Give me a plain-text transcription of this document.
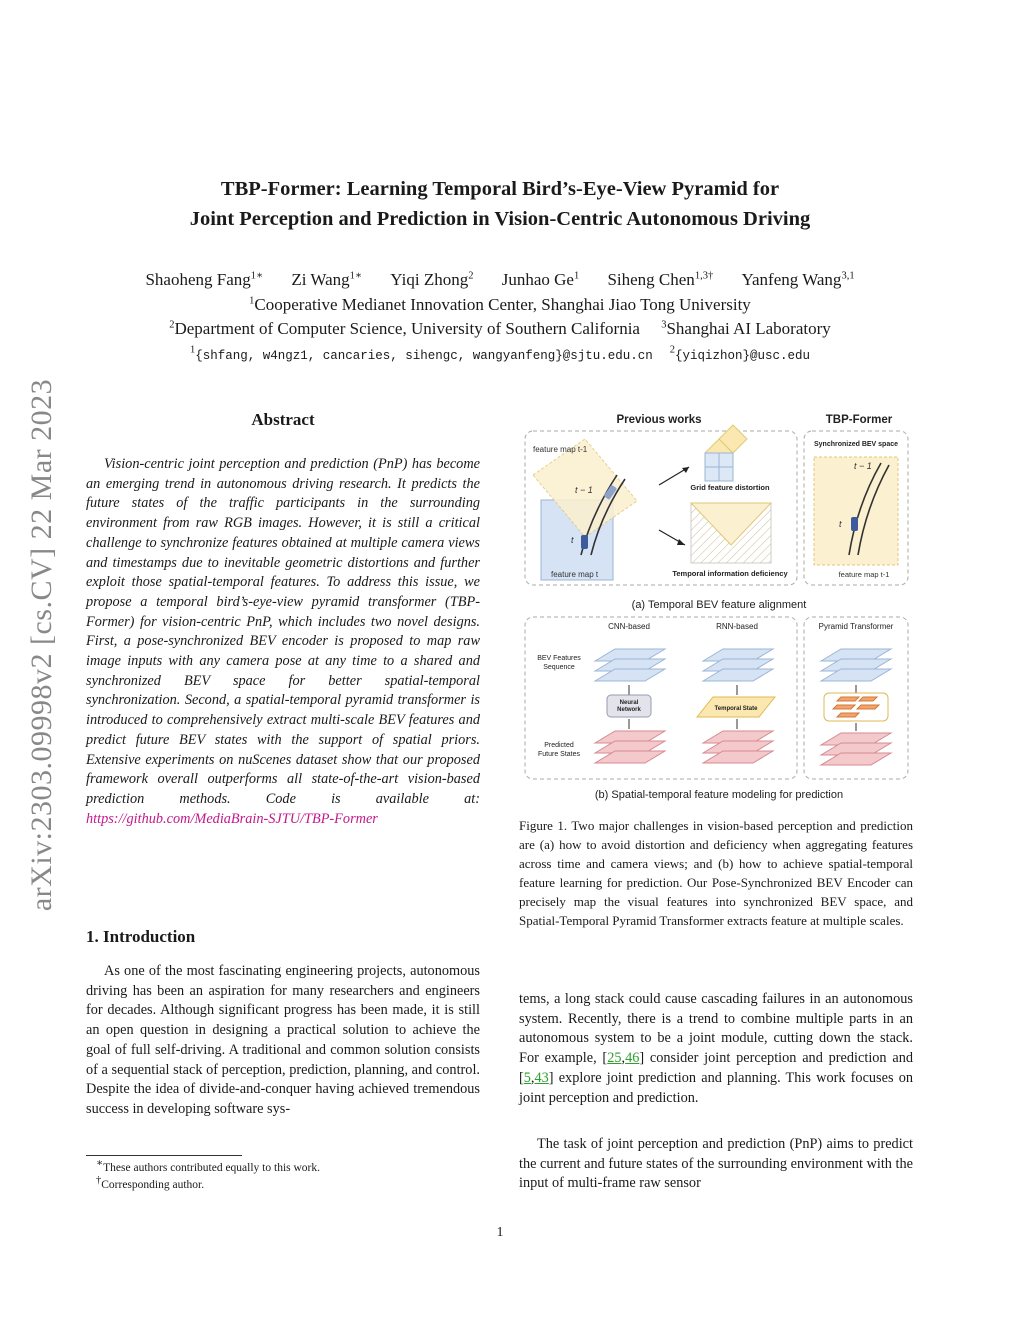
arXiv:2303.09998v2 [cs.CV] 22 Mar 2023
TBP-Former: Learning Temporal Bird’s-Eye-View Pyramid for
Joint Perception and Prediction in Vision-Centric Autonomous Driving
Shaoheng Fang$^{1∗}$ Zi Wang$^{1∗}$ Yiqi Zhong$^2$ Junhao Ge$^1$ Siheng Chen$^{1,3\dagger}$ Yanfeng Wang$^{3,1}$
$^1$Cooperative Medianet Innovation Center, Shanghai Jiao Tong University
$^2$Department of Computer Science, University of Southern California $^3$Shanghai AI Laboratory
$^1${shfang, w4ngz1, cancaries, sihengc, wangyanfeng}@sjtu.edu.cn $^2${yiqizhon}@usc.edu
Abstract

Vision-centric joint perception and prediction (PnP) has become an emerging trend in autonomous driving research. It predicts the future states of the traffic participants in the surrounding environment from raw RGB images. However, it is still a critical challenge to synchronize features obtained at multiple camera views and timestamps due to inevitable geometric distortions and further exploit those spatial-temporal features. To address this issue, we propose a temporal bird’s-eye-view pyramid transformer (TBP-Former) for vision-centric PnP, which includes two novel designs. First, a pose-synchronized BEV encoder is proposed to map raw image inputs with any camera pose at any time to a shared and synchronized BEV space for better spatial-temporal synchronization. Second, a spatial-temporal pyramid transformer is introduced to comprehensively extract multi-scale BEV features and predict future BEV states with the support of spatial priors. Extensive experiments on nuScenes dataset show that our proposed framework overall outperforms all state-of-the-art vision-based prediction methods. Code is available at: https://github.com/MediaBrain-SJTU/TBP-Former

1. Introduction

As one of the most fascinating engineering projects, autonomous driving has been an aspiration for many researchers and engineers for decades. Although significant progress has been made, it is still an open question in designing a practical solution to achieve the goal of full self-driving. A traditional and common solution consists of a sequential stack of perception, prediction, planning, and control. Despite the idea of divide-and-conquer having achieved tremendous success in developing software sys-

∗These authors contributed equally to this work.
†Corresponding author.
Previous works	TBP-Former
feature map t-1
feature map t
t − 1
t
Grid feature distortion
Temporal information deficiency
Synchronized BEV space
t − 1
t
feature map t-1
(a) Temporal BEV feature alignment
CNN-based	RNN-based	Pyramid Transformer
BEV Features Sequence
Predicted Future States
Neural Network	Temporal State
(b) Spatial-temporal feature modeling for prediction

Figure 1. Two major challenges in vision-based perception and prediction are (a) how to avoid distortion and deficiency when aggregating features across time and camera views; and (b) how to achieve spatial-temporal feature learning for prediction. Our Pose-Synchronized BEV Encoder can precisely map the visual features into synchronized BEV space, and Spatial-Temporal Pyramid Transformer extracts feature at multiple scales.

tems, a long stack could cause cascading failures in an autonomous system. Recently, there is a trend to combine multiple parts in an autonomous system to be a joint module, cutting down the stack. For example, [25,46] consider joint perception and prediction and [5,43] explore joint prediction and planning. This work focuses on joint perception and prediction.

The task of joint perception and prediction (PnP) aims to predict the current and future states of the surrounding environment with the input of multi-frame raw sensor

1
